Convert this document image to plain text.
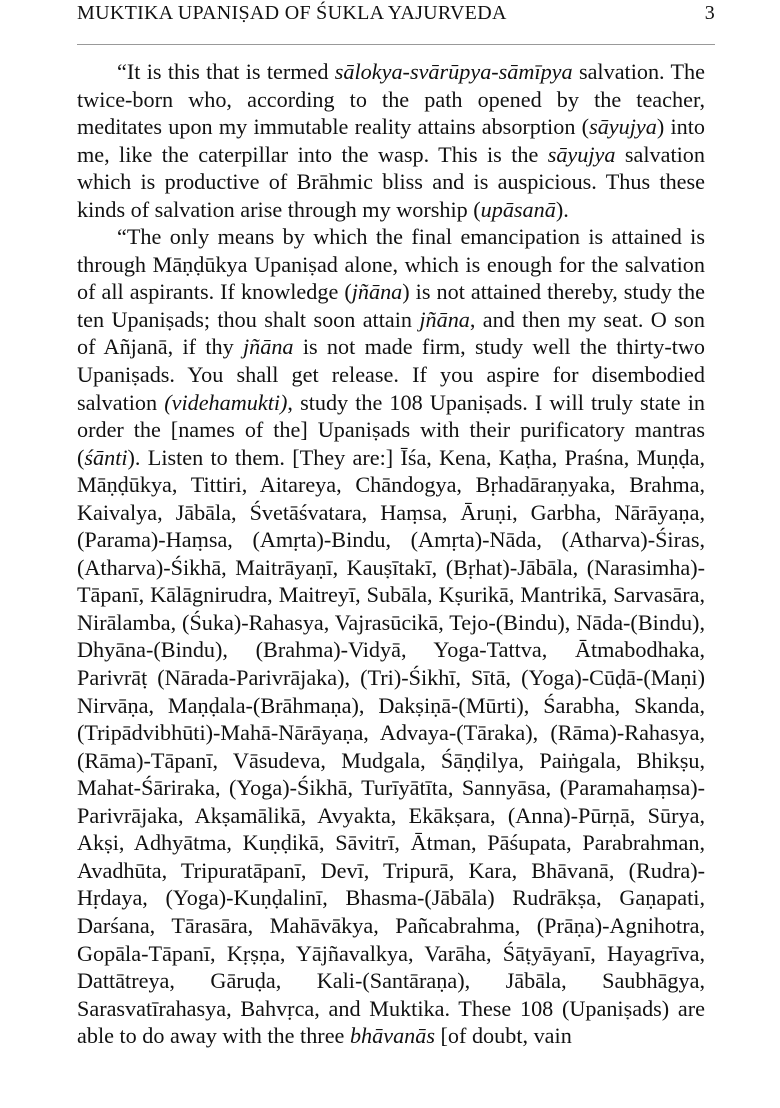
MUKTIKA UPANIṢAD OF ŚUKLA YAJURVEDA	3

“It is this that is termed sālokya-svārūpya-sāmīpya salvation. The twice-born who, according to the path opened by the teacher, meditates upon my immutable reality attains absorption (sāyujya) into me, like the caterpillar into the wasp. This is the sāyujya salvation which is productive of Brāhmic bliss and is auspicious. Thus these kinds of salvation arise through my worship (upāsanā).

“The only means by which the final emancipation is attained is through Māṇḍūkya Upaniṣad alone, which is enough for the salvation of all aspirants. If knowledge (jñāna) is not attained thereby, study the ten Upaniṣads; thou shalt soon attain jñāna, and then my seat. O son of Añjanā, if thy jñāna is not made firm, study well the thirty-two Upaniṣads. You shall get release. If you aspire for disembodied salvation (videhamukti), study the 108 Upaniṣads. I will truly state in order the [names of the] Upaniṣads with their purificatory mantras (śānti). Listen to them. [They are:] Īśa, Kena, Kaṭha, Praśna, Muṇḍa, Māṇḍūkya, Tittiri, Aitareya, Chāndogya, Bṛhadāraṇyaka, Brahma, Kaivalya, Jābāla, Śvetāśvatara, Haṃsa, Āruṇi, Garbha, Nārāyaṇa, (Parama)-Haṃsa, (Amṛta)-Bindu, (Amṛta)-Nāda, (Atharva)-Śiras, (Atharva)-Śikhā, Maitrāyaṇī, Kauṣītakī, (Bṛhat)-Jābāla, (Narasimha)-Tāpanī, Kālāgnirudra, Maitreyī, Subāla, Kṣurikā, Mantrikā, Sarvasāra, Nirālamba, (Śuka)-Rahasya, Vajrasūcikā, Tejo-(Bindu), Nāda-(Bindu), Dhyāna-(Bindu), (Brahma)-Vidyā, Yoga-Tattva, Ātmabodhaka, Parivrāṭ (Nārada-Parivrājaka), (Tri)-Śikhī, Sītā, (Yoga)-Cūḍā-(Maṇi) Nirvāṇa, Maṇḍala-(Brāhmaṇa), Dakṣiṇā-(Mūrti), Śarabha, Skanda, (Tripādvibhūti)-Mahā-Nārāyaṇa, Advaya-(Tāraka), (Rāma)-Rahasya, (Rāma)-Tāpanī, Vāsudeva, Mudgala, Śāṇḍilya, Paiṅgala, Bhikṣu, Mahat-Śāriraka, (Yoga)-Śikhā, Turīyātīta, Sannyāsa, (Paramahaṃsa)-Parivrājaka, Akṣamālikā, Avyakta, Ekākṣara, (Anna)-Pūrṇā, Sūrya, Akṣi, Adhyātma, Kuṇḍikā, Sāvitrī, Ātman, Pāśupata, Parabrahman, Avadhūta, Tripuratāpanī, Devī, Tripurā, Kara, Bhāvanā, (Rudra)-Hṛdaya, (Yoga)-Kuṇḍalinī, Bhasma-(Jābāla) Rudrākṣa, Gaṇapati, Darśana, Tārasāra, Mahāvākya, Pañcabrahma, (Prāṇa)-Agnihotra, Gopāla-Tāpanī, Kṛṣṇa, Yājñavalkya, Varāha, Śāṭyāyanī, Hayagrīva, Dattātreya, Gāruḍa, Kali-(Santāraṇa), Jābāla, Saubhāgya, Sarasvatīrahasya, Bahvṛca, and Muktika. These 108 (Upaniṣads) are able to do away with the three bhāvanās [of doubt, vain
